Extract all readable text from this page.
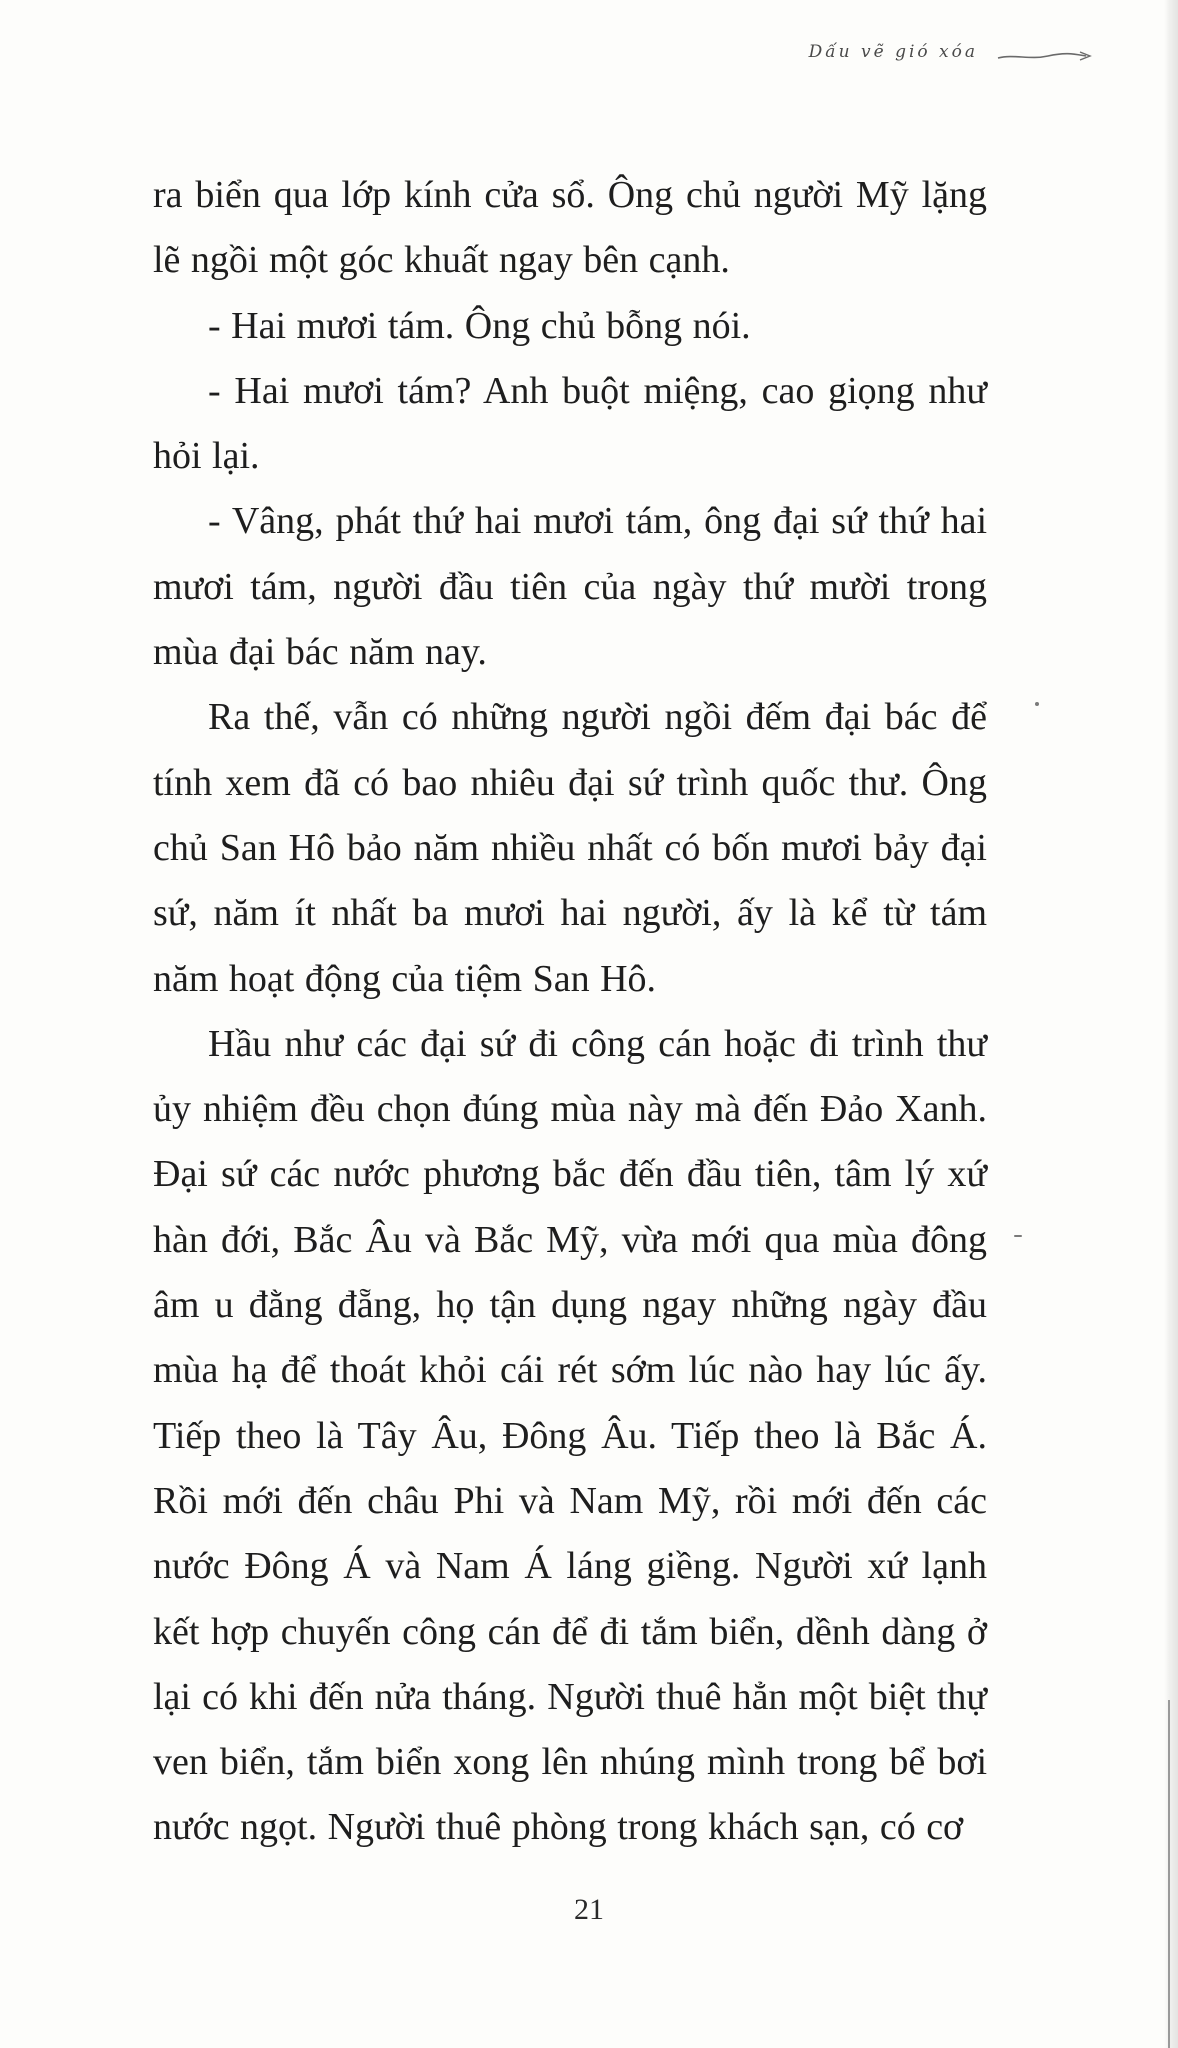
Dấu vẽ gió xóa

ra biển qua lớp kính cửa sổ. Ông chủ người Mỹ lặng lẽ ngồi một góc khuất ngay bên cạnh.

- Hai mươi tám. Ông chủ bỗng nói.

- Hai mươi tám? Anh buột miệng, cao giọng như hỏi lại.

- Vâng, phát thứ hai mươi tám, ông đại sứ thứ hai mươi tám, người đầu tiên của ngày thứ mười trong mùa đại bác năm nay.

Ra thế, vẫn có những người ngồi đếm đại bác để tính xem đã có bao nhiêu đại sứ trình quốc thư. Ông chủ San Hô bảo năm nhiều nhất có bốn mươi bảy đại sứ, năm ít nhất ba mươi hai người, ấy là kể từ tám năm hoạt động của tiệm San Hô.

Hầu như các đại sứ đi công cán hoặc đi trình thư ủy nhiệm đều chọn đúng mùa này mà đến Đảo Xanh. Đại sứ các nước phương bắc đến đầu tiên, tâm lý xứ hàn đới, Bắc Âu và Bắc Mỹ, vừa mới qua mùa đông âm u đằng đẵng, họ tận dụng ngay những ngày đầu mùa hạ để thoát khỏi cái rét sớm lúc nào hay lúc ấy. Tiếp theo là Tây Âu, Đông Âu. Tiếp theo là Bắc Á. Rồi mới đến châu Phi và Nam Mỹ, rồi mới đến các nước Đông Á và Nam Á láng giềng. Người xứ lạnh kết hợp chuyến công cán để đi tắm biển, dềnh dàng ở lại có khi đến nửa tháng. Người thuê hẳn một biệt thự ven biển, tắm biển xong lên nhúng mình trong bể bơi nước ngọt. Người thuê phòng trong khách sạn, có cơ

21
